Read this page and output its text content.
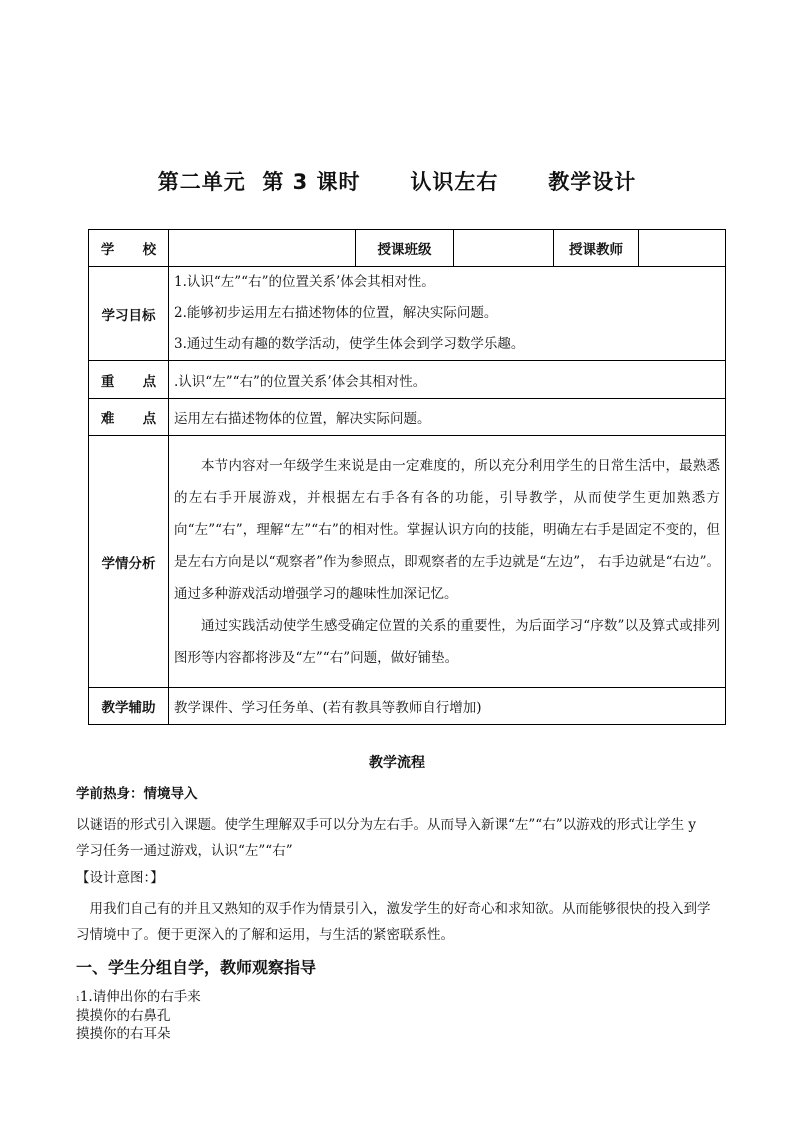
第二单元  第 3 课时      认识左右      教学设计
学      校		授课班级		授课教师	
学习目标	1.认识“左”“右”的位置关系’体会其相对性。
2.能够初步运用左右描述物体的位置，解决实际问题。
3.通过生动有趣的数学活动，使学生体会到学习数学乐趣。				

重      点	.认识“左”“右”的位置关系’体会其相对性。				
难      点	运用左右描述物体的位置，解决实际问题。				
学情分析	本节内容对一年级学生来说是由一定难度的，所以充分利用学生的日常生活中，最熟悉的左右手开展游戏，并根据左右手各有各的功能，引导教学，从而使学生更加熟悉方向“左”“右”，理解“左”“右”的相对性。掌握认识方向的技能，明确左右手是固定不变的，但是左右方向是以“观察者”作为参照点，即观察者的左手边就是“左边”， 右手边就是“右边”。通过多种游戏活动增强学习的趣味性加深记忆。
通过实践活动使学生感受确定位置的关系的重要性，为后面学习“序数”以及算式或排列图形等内容都将涉及“左”“右”问题，做好铺垫。				

教学辅助	教学课件、学习任务单、(若有教具等教师自行增加)				
教学流程
学前热身：情境导入
以谜语的形式引入课题。使学生理解双手可以分为左右手。从而导入新课“左”“右”以游戏的形式让学生 y
学习任务一通过游戏，认识“左”“右”
【设计意图：】
用我们自己有的并且又熟知的双手作为情景引入，激发学生的好奇心和求知欲。从而能够很快的投入到学习情境中了。便于更深入的了解和运用，与生活的紧密联系性。
一、学生分组自学，教师观察指导
11.请伸出你的右手来
摸摸你的右鼻孔
摸摸你的右耳朵
